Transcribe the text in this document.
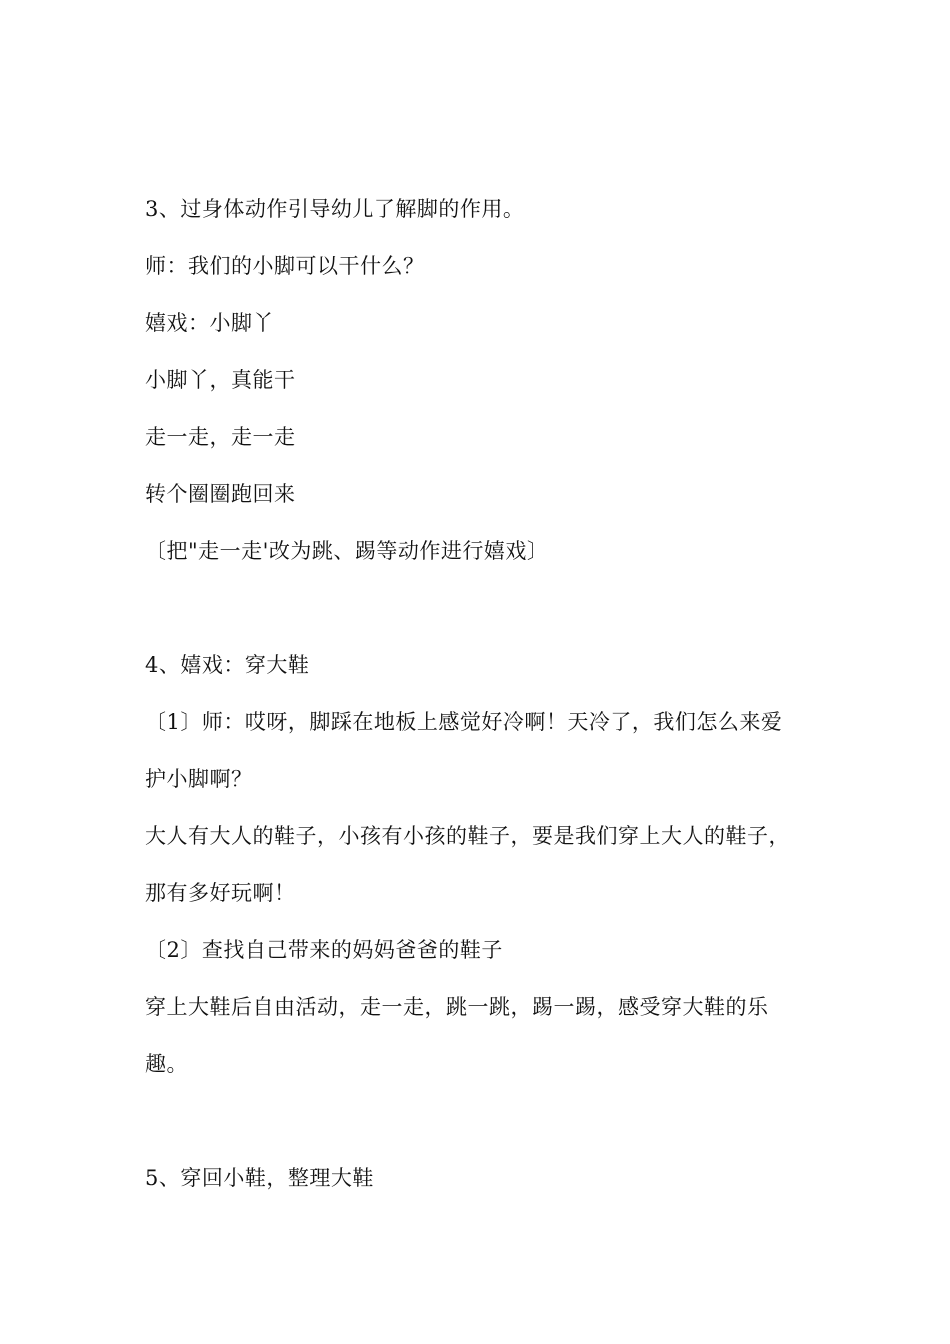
3、过身体动作引导幼儿了解脚的作用。
师：我们的小脚可以干什么？
嬉戏：小脚丫
小脚丫，真能干
走一走，走一走
转个圈圈跑回来
〔把"走一走'改为跳、踢等动作进行嬉戏〕
4、嬉戏：穿大鞋
〔1〕师：哎呀，脚踩在地板上感觉好冷啊！天冷了，我们怎么来爱
护小脚啊？
大人有大人的鞋子，小孩有小孩的鞋子，要是我们穿上大人的鞋子，
那有多好玩啊！
〔2〕查找自己带来的妈妈爸爸的鞋子
穿上大鞋后自由活动，走一走，跳一跳，踢一踢，感受穿大鞋的乐
趣。
5、穿回小鞋，整理大鞋
